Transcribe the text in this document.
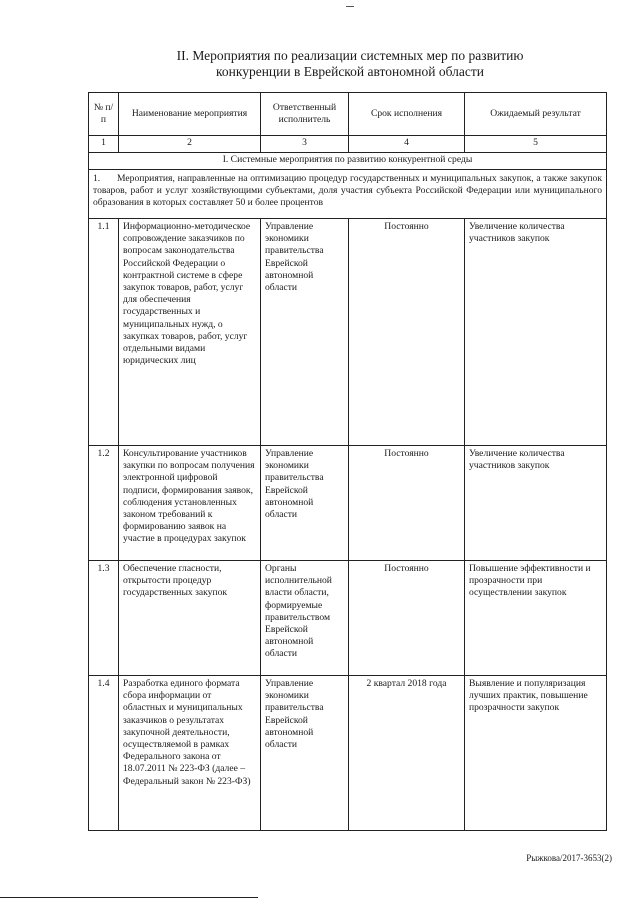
II. Мероприятия по реализации системных мер по развитию
конкуренции в Еврейской автономной области
№ п/п	Наименование мероприятия	Ответственный исполнитель	Срок исполнения	Ожидаемый результат
1	2	3	4	5
I. Системные мероприятия по развитию конкурентной среды				
1. Мероприятия, направленные на оптимизацию процедур государственных и муниципальных закупок, а также закупок товаров, работ и услуг хозяйствующими субъектами, доля участия субъекта Российской Федерации или муниципального образования в которых составляет 50 и более процентов				
1.1	Информационно-методическое сопровождение заказчиков по вопросам законодательства Российской Федерации о контрактной системе в сфере закупок товаров, работ, услуг для обеспечения государственных и муниципальных нужд, о закупках товаров, работ, услуг отдельными видами юридических лиц	Управление экономики правительства Еврейской автономной области	Постоянно	Увеличение количества участников закупок
1.2	Консультирование участников закупки по вопросам получения электронной цифровой подписи, формирования заявок, соблюдения установленных законом требований к формированию заявок на участие в процедурах закупок	Управление экономики правительства Еврейской автономной области	Постоянно	Увеличение количества участников закупок
1.3	Обеспечение гласности, открытости процедур государственных закупок	Органы исполнительной власти области, формируемые правительством Еврейской автономной области	Постоянно	Повышение эффективности и прозрачности при осуществлении закупок
1.4	Разработка единого формата сбора информации от областных и муниципальных заказчиков о результатах закупочной деятельности, осуществляемой в рамках Федерального закона от 18.07.2011 № 223-ФЗ (далее – Федеральный закон № 223-ФЗ)	Управление экономики правительства Еврейской автономной области	2 квартал 2018 года	Выявление и популяризация лучших практик, повышение прозрачности закупок
Рыжкова/2017-3653(2)
